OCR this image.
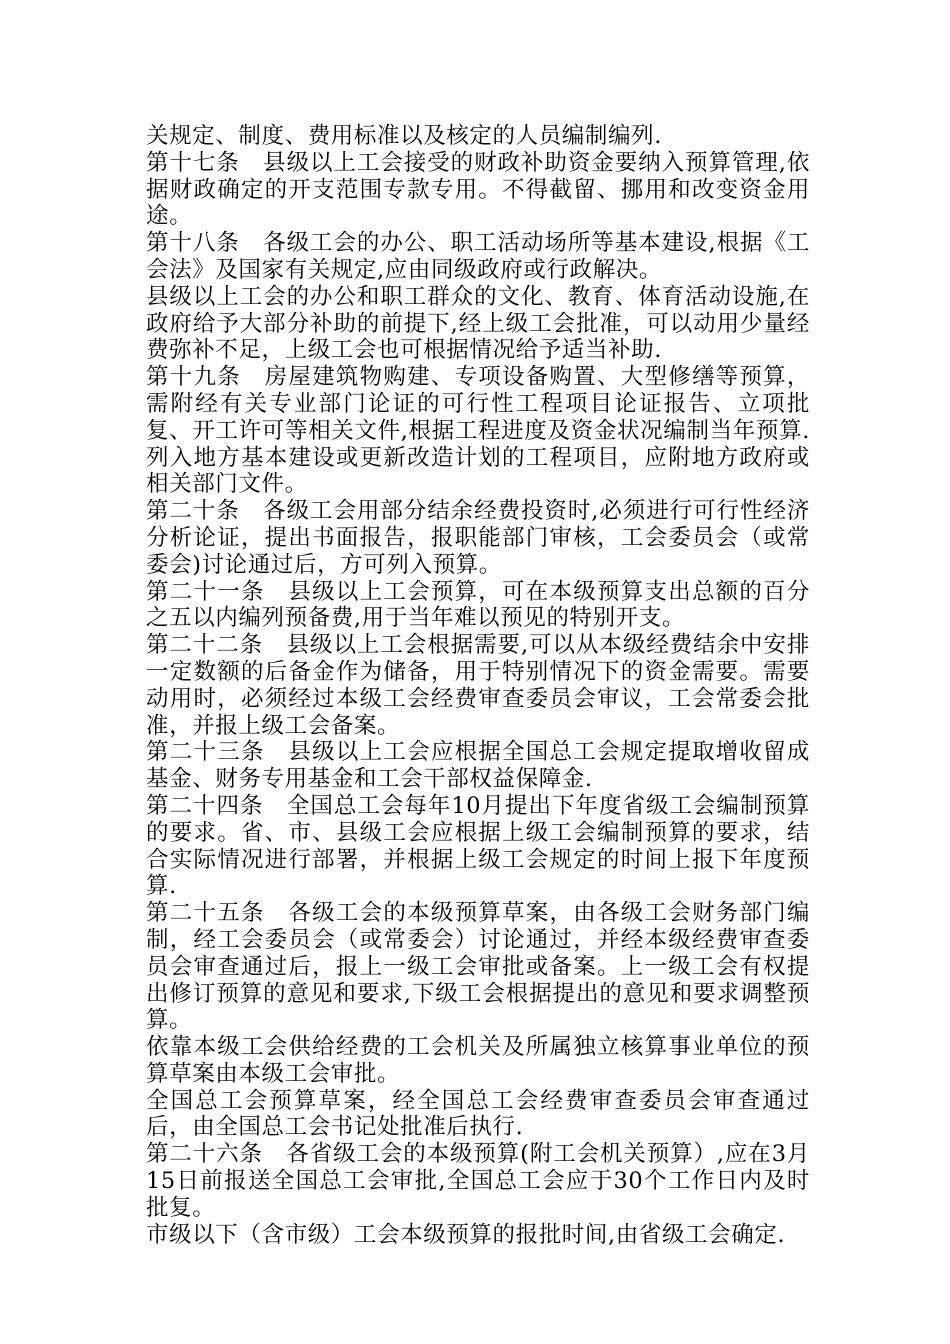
关规定、制度、费用标准以及核定的人员编制编列.

第十七条　县级以上工会接受的财政补助资金要纳入预算管理,依据财政确定的开支范围专款专用。不得截留、挪用和改变资金用途。

第十八条　各级工会的办公、职工活动场所等基本建设,根据《工会法》及国家有关规定,应由同级政府或行政解决。

县级以上工会的办公和职工群众的文化、教育、体育活动设施,在政府给予大部分补助的前提下,经上级工会批准，可以动用少量经费弥补不足，上级工会也可根据情况给予适当补助.

第十九条　房屋建筑物购建、专项设备购置、大型修缮等预算，需附经有关专业部门论证的可行性工程项目论证报告、立项批复、开工许可等相关文件,根据工程进度及资金状况编制当年预算.列入地方基本建设或更新改造计划的工程项目，应附地方政府或相关部门文件。

第二十条　各级工会用部分结余经费投资时,必须进行可行性经济分析论证，提出书面报告，报职能部门审核，工会委员会（或常委会)讨论通过后，方可列入预算。

第二十一条　县级以上工会预算，可在本级预算支出总额的百分之五以内编列预备费,用于当年难以预见的特别开支。

第二十二条　县级以上工会根据需要,可以从本级经费结余中安排一定数额的后备金作为储备，用于特别情况下的资金需要。需要动用时，必须经过本级工会经费审查委员会审议，工会常委会批准，并报上级工会备案。

第二十三条　县级以上工会应根据全国总工会规定提取增收留成基金、财务专用基金和工会干部权益保障金.

第二十四条　全国总工会每年10月提出下年度省级工会编制预算的要求。省、市、县级工会应根据上级工会编制预算的要求，结合实际情况进行部署，并根据上级工会规定的时间上报下年度预算.

第二十五条　各级工会的本级预算草案，由各级工会财务部门编制，经工会委员会（或常委会）讨论通过，并经本级经费审查委员会审查通过后，报上一级工会审批或备案。上一级工会有权提出修订预算的意见和要求,下级工会根据提出的意见和要求调整预算。

依靠本级工会供给经费的工会机关及所属独立核算事业单位的预算草案由本级工会审批。

全国总工会预算草案，经全国总工会经费审查委员会审查通过后，由全国总工会书记处批准后执行.

第二十六条　各省级工会的本级预算(附工会机关预算）,应在3月15日前报送全国总工会审批,全国总工会应于30个工作日内及时批复。

市级以下（含市级）工会本级预算的报批时间,由省级工会确定.
